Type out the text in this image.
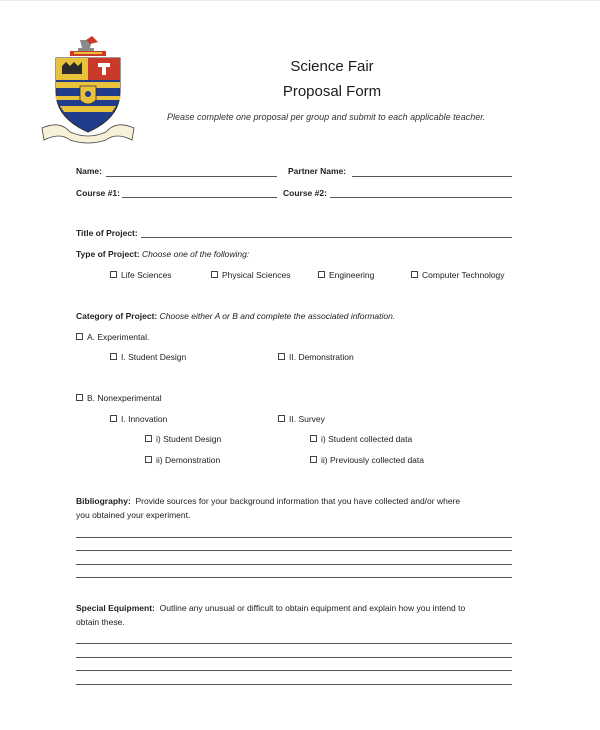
Science Fair
Proposal Form
Please complete one proposal per group and submit to each applicable teacher.
Name:	Partner Name:
Course #1:	Course #2:
Title of Project:
Type of Project: Choose one of the following:
Life Sciences	Physical Sciences	Engineering	Computer Technology
Category of Project: Choose either A or B and complete the associated information.
A. Experimental.
I. Student Design	II. Demonstration
B. Nonexperimental
I. Innovation	II. Survey
i) Student Design	i) Student collected data
ii) Demonstration	ii) Previously collected data
Bibliography: Provide sources for your background information that you have collected and/or where
you obtained your experiment.
Special Equipment: Outline any unusual or difficult to obtain equipment and explain how you intend to
obtain these.
